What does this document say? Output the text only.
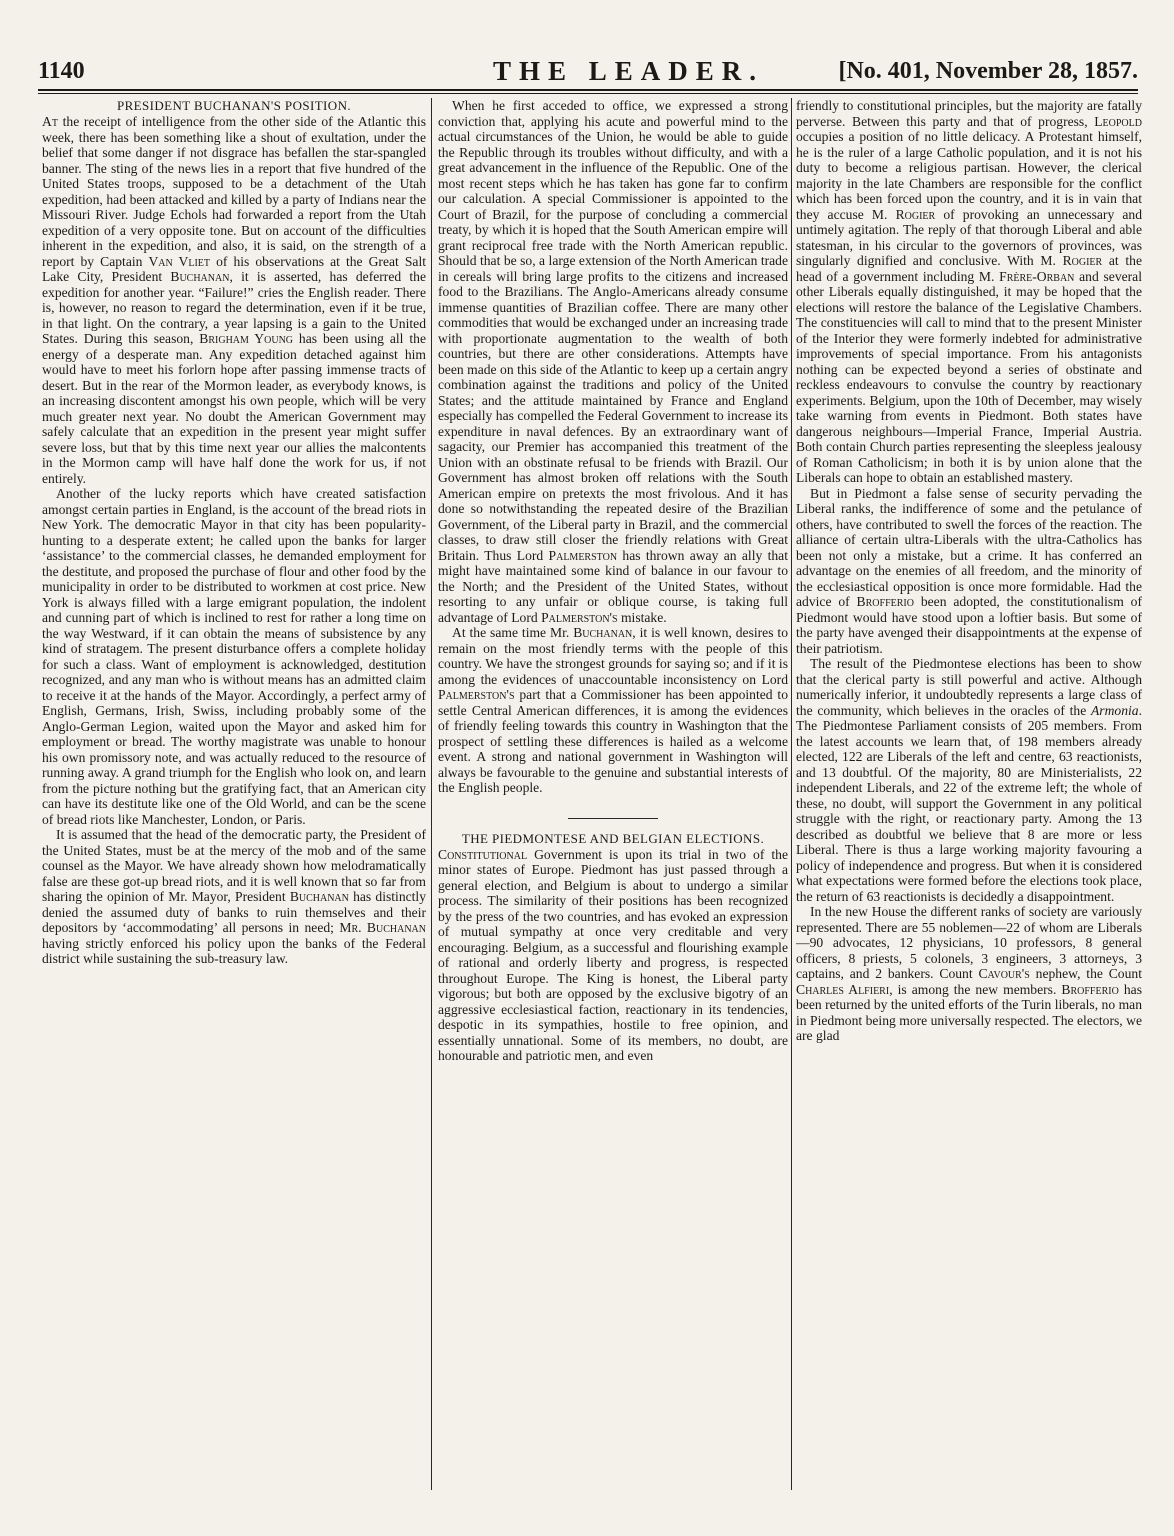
1140	THE LEADER.	[No. 401, November 28, 1857.
PRESIDENT BUCHANAN'S POSITION.

At the receipt of intelligence from the other side of the Atlantic this week, there has been something like a shout of exultation, under the belief that some danger if not disgrace has befallen the star-spangled banner. The sting of the news lies in a report that five hundred of the United States troops, supposed to be a detachment of the Utah expedition, had been attacked and killed by a party of Indians near the Missouri River. Judge Echols had forwarded a report from the Utah expedition of a very opposite tone. But on account of the difficulties inherent in the expedition, and also, it is said, on the strength of a report by Captain Van Vliet of his observations at the Great Salt Lake City, President Buchanan, it is asserted, has deferred the expedition for another year. “Failure!” cries the English reader. There is, however, no reason to regard the determination, even if it be true, in that light. On the contrary, a year lapsing is a gain to the United States. During this season, Brigham Young has been using all the energy of a desperate man. Any expedition detached against him would have to meet his forlorn hope after passing immense tracts of desert. But in the rear of the Mormon leader, as everybody knows, is an increasing discontent amongst his own people, which will be very much greater next year. No doubt the American Government may safely calculate that an expedition in the present year might suffer severe loss, but that by this time next year our allies the malcontents in the Mormon camp will have half done the work for us, if not entirely.

Another of the lucky reports which have created satisfaction amongst certain parties in England, is the account of the bread riots in New York. The democratic Mayor in that city has been popularity-hunting to a desperate extent; he called upon the banks for larger ‘assistance’ to the commercial classes, he demanded employment for the destitute, and proposed the purchase of flour and other food by the municipality in order to be distributed to workmen at cost price. New York is always filled with a large emigrant population, the indolent and cunning part of which is inclined to rest for rather a long time on the way Westward, if it can obtain the means of subsistence by any kind of stratagem. The present disturbance offers a complete holiday for such a class. Want of employment is acknowledged, destitution recognized, and any man who is without means has an admitted claim to receive it at the hands of the Mayor. Accordingly, a perfect army of English, Germans, Irish, Swiss, including probably some of the Anglo-German Legion, waited upon the Mayor and asked him for employment or bread. The worthy magistrate was unable to honour his own promissory note, and was actually reduced to the resource of running away. A grand triumph for the English who look on, and learn from the picture nothing but the gratifying fact, that an American city can have its destitute like one of the Old World, and can be the scene of bread riots like Manchester, London, or Paris.

It is assumed that the head of the democratic party, the President of the United States, must be at the mercy of the mob and of the same counsel as the Mayor. We have already shown how melodramatically false are these got-up bread riots, and it is well known that so far from sharing the opinion of Mr. Mayor, President Buchanan has distinctly denied the assumed duty of banks to ruin themselves and their depositors by ‘accommodating’ all persons in need; Mr. Buchanan having strictly enforced his policy upon the banks of the Federal district while sustaining the sub-treasury law.

When he first acceded to office, we expressed a strong conviction that, applying his acute and powerful mind to the actual circumstances of the Union, he would be able to guide the Republic through its troubles without difficulty, and with a great advancement in the influence of the Republic. One of the most recent steps which he has taken has gone far to confirm our calculation. A special Commissioner is appointed to the Court of Brazil, for the purpose of concluding a commercial treaty, by which it is hoped that the South American empire will grant reciprocal free trade with the North American republic. Should that be so, a large extension of the North American trade in cereals will bring large profits to the citizens and increased food to the Brazilians. The Anglo-Americans already consume immense quantities of Brazilian coffee. There are many other commodities that would be exchanged under an increasing trade with proportionate augmentation to the wealth of both countries, but there are other considerations. Attempts have been made on this side of the Atlantic to keep up a certain angry combination against the traditions and policy of the United States; and the attitude maintained by France and England especially has compelled the Federal Government to increase its expenditure in naval defences. By an extraordinary want of sagacity, our Premier has accompanied this treatment of the Union with an obstinate refusal to be friends with Brazil. Our Government has almost broken off relations with the South American empire on pretexts the most frivolous. And it has done so notwithstanding the repeated desire of the Brazilian Government, of the Liberal party in Brazil, and the commercial classes, to draw still closer the friendly relations with Great Britain. Thus Lord Palmerston has thrown away an ally that might have maintained some kind of balance in our favour to the North; and the President of the United States, without resorting to any unfair or oblique course, is taking full advantage of Lord Palmerston's mistake.

At the same time Mr. Buchanan, it is well known, desires to remain on the most friendly terms with the people of this country. We have the strongest grounds for saying so; and if it is among the evidences of unaccountable inconsistency on Lord Palmerston's part that a Commissioner has been appointed to settle Central American differences, it is among the evidences of friendly feeling towards this country in Washington that the prospect of settling these differences is hailed as a welcome event. A strong and national government in Washington will always be favourable to the genuine and substantial interests of the English people.

THE PIEDMONTESE AND BELGIAN ELECTIONS.

Constitutional Government is upon its trial in two of the minor states of Europe. Piedmont has just passed through a general election, and Belgium is about to undergo a similar process. The similarity of their positions has been recognized by the press of the two countries, and has evoked an expression of mutual sympathy at once very creditable and very encouraging. Belgium, as a successful and flourishing example of rational and orderly liberty and progress, is respected throughout Europe. The King is honest, the Liberal party vigorous; but both are opposed by the exclusive bigotry of an aggressive ecclesiastical faction, reactionary in its tendencies, despotic in its sympathies, hostile to free opinion, and essentially unnational. Some of its members, no doubt, are honourable and patriotic men, and even

friendly to constitutional principles, but the majority are fatally perverse. Between this party and that of progress, Leopold occupies a position of no little delicacy. A Protestant himself, he is the ruler of a large Catholic population, and it is not his duty to become a religious partisan. However, the clerical majority in the late Chambers are responsible for the conflict which has been forced upon the country, and it is in vain that they accuse M. Rogier of provoking an unnecessary and untimely agitation. The reply of that thorough Liberal and able statesman, in his circular to the governors of provinces, was singularly dignified and conclusive. With M. Rogier at the head of a government including M. Frère-Orban and several other Liberals equally distinguished, it may be hoped that the elections will restore the balance of the Legislative Chambers. The constituencies will call to mind that to the present Minister of the Interior they were formerly indebted for administrative improvements of special importance. From his antagonists nothing can be expected beyond a series of obstinate and reckless endeavours to convulse the country by reactionary experiments. Belgium, upon the 10th of December, may wisely take warning from events in Piedmont. Both states have dangerous neighbours—Imperial France, Imperial Austria. Both contain Church parties representing the sleepless jealousy of Roman Catholicism; in both it is by union alone that the Liberals can hope to obtain an established mastery.

But in Piedmont a false sense of security pervading the Liberal ranks, the indifference of some and the petulance of others, have contributed to swell the forces of the reaction. The alliance of certain ultra-Liberals with the ultra-Catholics has been not only a mistake, but a crime. It has conferred an advantage on the enemies of all freedom, and the minority of the ecclesiastical opposition is once more formidable. Had the advice of Brofferio been adopted, the constitutionalism of Piedmont would have stood upon a loftier basis. But some of the party have avenged their disappointments at the expense of their patriotism.

The result of the Piedmontese elections has been to show that the clerical party is still powerful and active. Although numerically inferior, it undoubtedly represents a large class of the community, which believes in the oracles of the Armonia. The Piedmontese Parliament consists of 205 members. From the latest accounts we learn that, of 198 members already elected, 122 are Liberals of the left and centre, 63 reactionists, and 13 doubtful. Of the majority, 80 are Ministerialists, 22 independent Liberals, and 22 of the extreme left; the whole of these, no doubt, will support the Government in any political struggle with the right, or reactionary party. Among the 13 described as doubtful we believe that 8 are more or less Liberal. There is thus a large working majority favouring a policy of independence and progress. But when it is considered what expectations were formed before the elections took place, the return of 63 reactionists is decidedly a disappointment.

In the new House the different ranks of society are variously represented. There are 55 noblemen—22 of whom are Liberals—90 advocates, 12 physicians, 10 professors, 8 general officers, 8 priests, 5 colonels, 3 engineers, 3 attorneys, 3 captains, and 2 bankers. Count Cavour's nephew, the Count Charles Alfieri, is among the new members. Brofferio has been returned by the united efforts of the Turin liberals, no man in Piedmont being more universally respected. The electors, we are glad
